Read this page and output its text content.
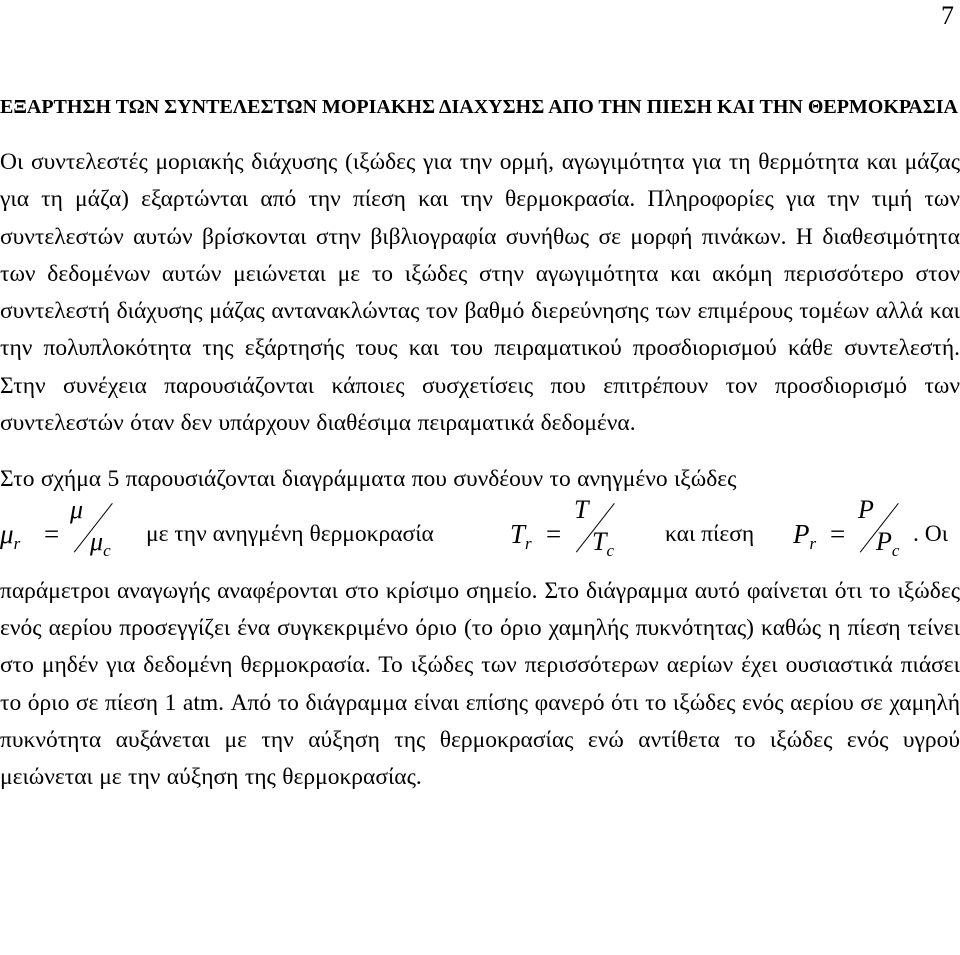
7
ΕΞΑΡΤΗΣΗ ΤΩΝ ΣΥΝΤΕΛΕΣΤΩΝ ΜΟΡΙΑΚΗΣ ΔΙΑΧΥΣΗΣ ΑΠΟ ΤΗΝ ΠΙΕΣΗ ΚΑΙ ΤΗΝ ΘΕΡΜΟΚΡΑΣΙΑ

Οι συντελεστές μοριακής διάχυσης (ιξώδες για την ορμή, αγωγιμότητα για τη θερμότητα και μάζας για τη μάζα) εξαρτώνται από την πίεση και την θερμοκρασία. Πληροφορίες για την τιμή των συντελεστών αυτών βρίσκονται στην βιβλιογραφία συνήθως σε μορφή πινάκων. Η διαθεσιμότητα των δεδομένων αυτών μειώνεται με το ιξώδες στην αγωγιμότητα και ακόμη περισσότερο στον συντελεστή διάχυσης μάζας αντανακλώντας τον βαθμό διερεύνησης των επιμέρους τομέων αλλά και την πολυπλοκότητα της εξάρτησής τους και του πειραματικού προσδιορισμού κάθε συντελεστή. Στην συνέχεια παρουσιάζονται κάποιες συσχετίσεις που επιτρέπουν τον προσδιορισμό των συντελεστών όταν δεν υπάρχουν διαθέσιμα πειραματικά δεδομένα.

Στο σχήμα 5 παρουσιάζονται διαγράμματα που συνδέουν το ανηγμένο ιξώδες

$\mu_r$ =
μ
$\mu_c$
με την ανηγμένη θερμοκρασία	$T_r$ =
T
$T_c$
και πίεση $P_r$ =
P
$P_c$
. Οι

παράμετροι αναγωγής αναφέρονται στο κρίσιμο σημείο. Στο διάγραμμα αυτό φαίνεται ότι το ιξώδες ενός αερίου προσεγγίζει ένα συγκεκριμένο όριο (το όριο χαμηλής πυκνότητας) καθώς η πίεση τείνει στο μηδέν για δεδομένη θερμοκρασία. Το ιξώδες των περισσότερων αερίων έχει ουσιαστικά πιάσει το όριο σε πίεση 1 atm. Από το διάγραμμα είναι επίσης φανερό ότι το ιξώδες ενός αερίου σε χαμηλή πυκνότητα αυξάνεται με την αύξηση της θερμοκρασίας ενώ αντίθετα το ιξώδες ενός υγρού μειώνεται με την αύξηση της θερμοκρασίας.
